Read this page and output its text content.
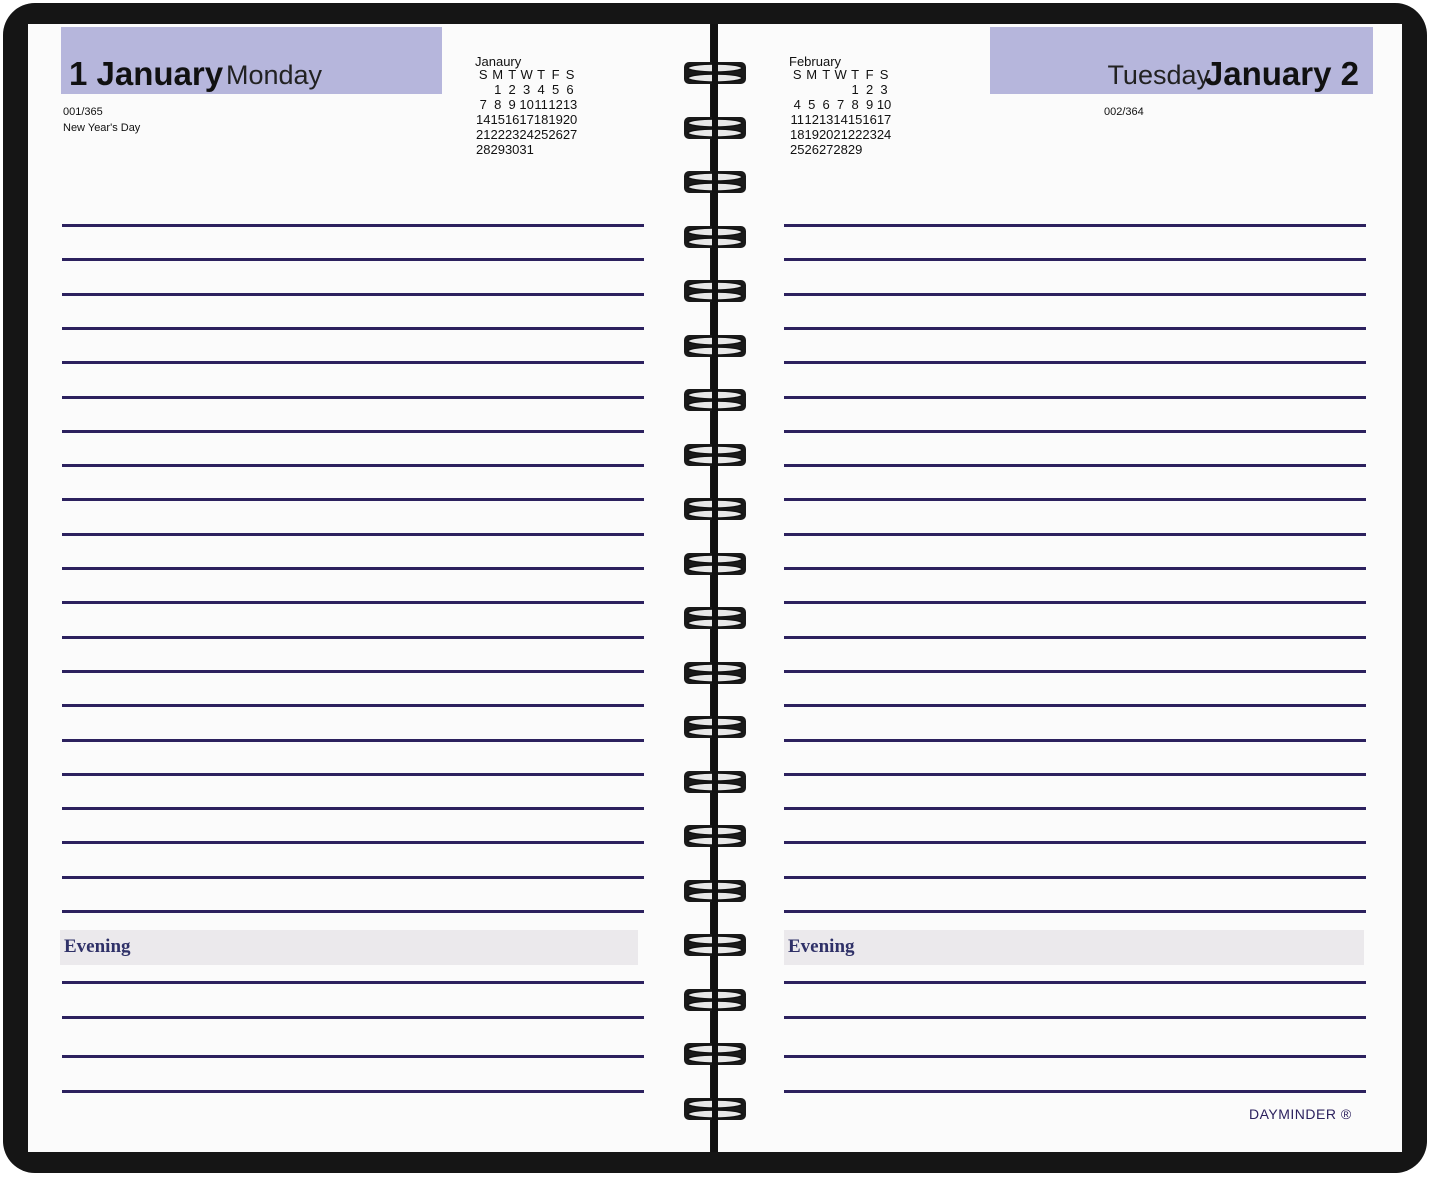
1 January Monday
001/365
New Year's Day
Janaury
S	M	T	W	T	F	S
	1	2	3	4	5	6
7	8	9	10	11	12	13
14	15	16	17	18	19	20
21	22	23	24	25	26	27
28	29	30	31			
Evening
Tuesday
January 2
002/364
February
S	M	T	W	T	F	S
				1	2	3
4	5	6	7	8	9	10
11	12	13	14	15	16	17
18	19	20	21	22	23	24
25	26	27	28	29		
Evening
DAYMINDER ®
